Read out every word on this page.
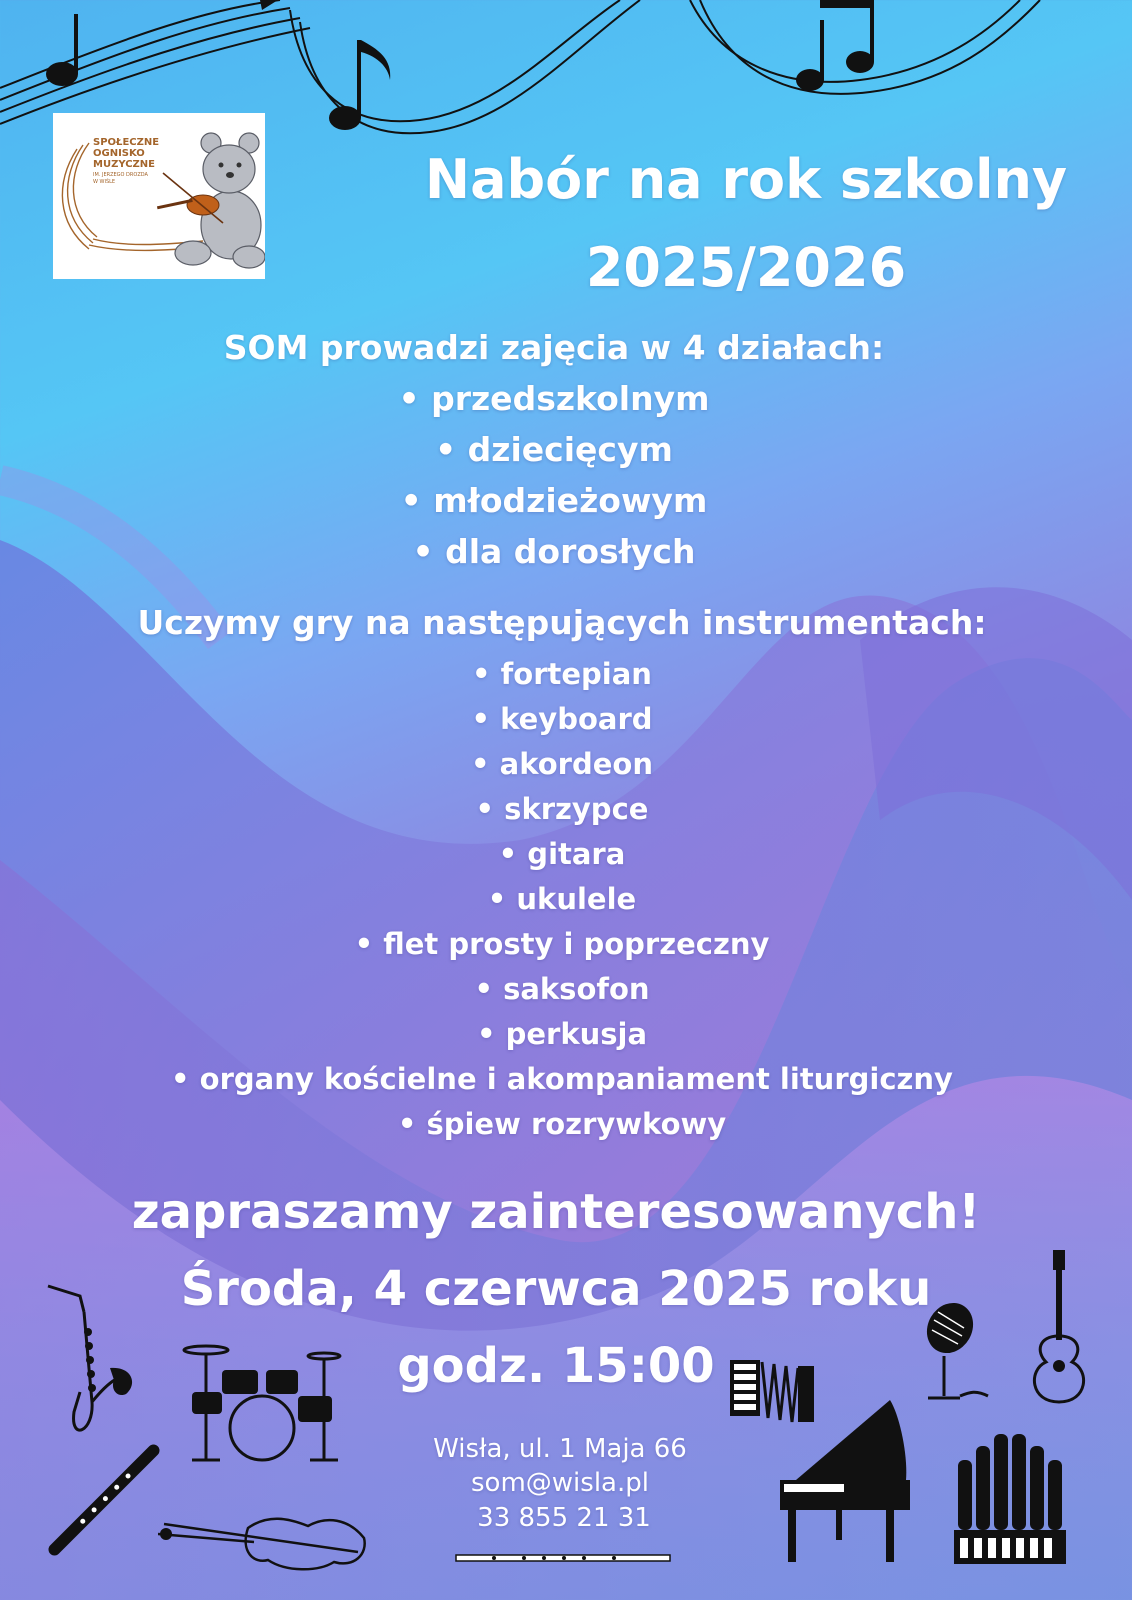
SPOŁECZNE
OGNISKO
MUZYCZNE
IM. JERZEGO DROZDA
W WIŚLE	Nabór na rok szkolny
2025/2026
SOM prowadzi zajęcia w 4 działach:
• przedszkolnym
• dziecięcym
• młodzieżowym
• dla dorosłych
Uczymy gry na następujących instrumentach:
• fortepian
• keyboard
• akordeon
• skrzypce
• gitara
• ukulele
• flet prosty i poprzeczny
• saksofon
• perkusja
• organy kościelne i akompaniament liturgiczny
• śpiew rozrywkowy
zapraszamy zainteresowanych!
Środa, 4 czerwca 2025 roku
godz. 15:00
Wisła, ul. 1 Maja 66
som@wisla.pl
33 855 21 31
